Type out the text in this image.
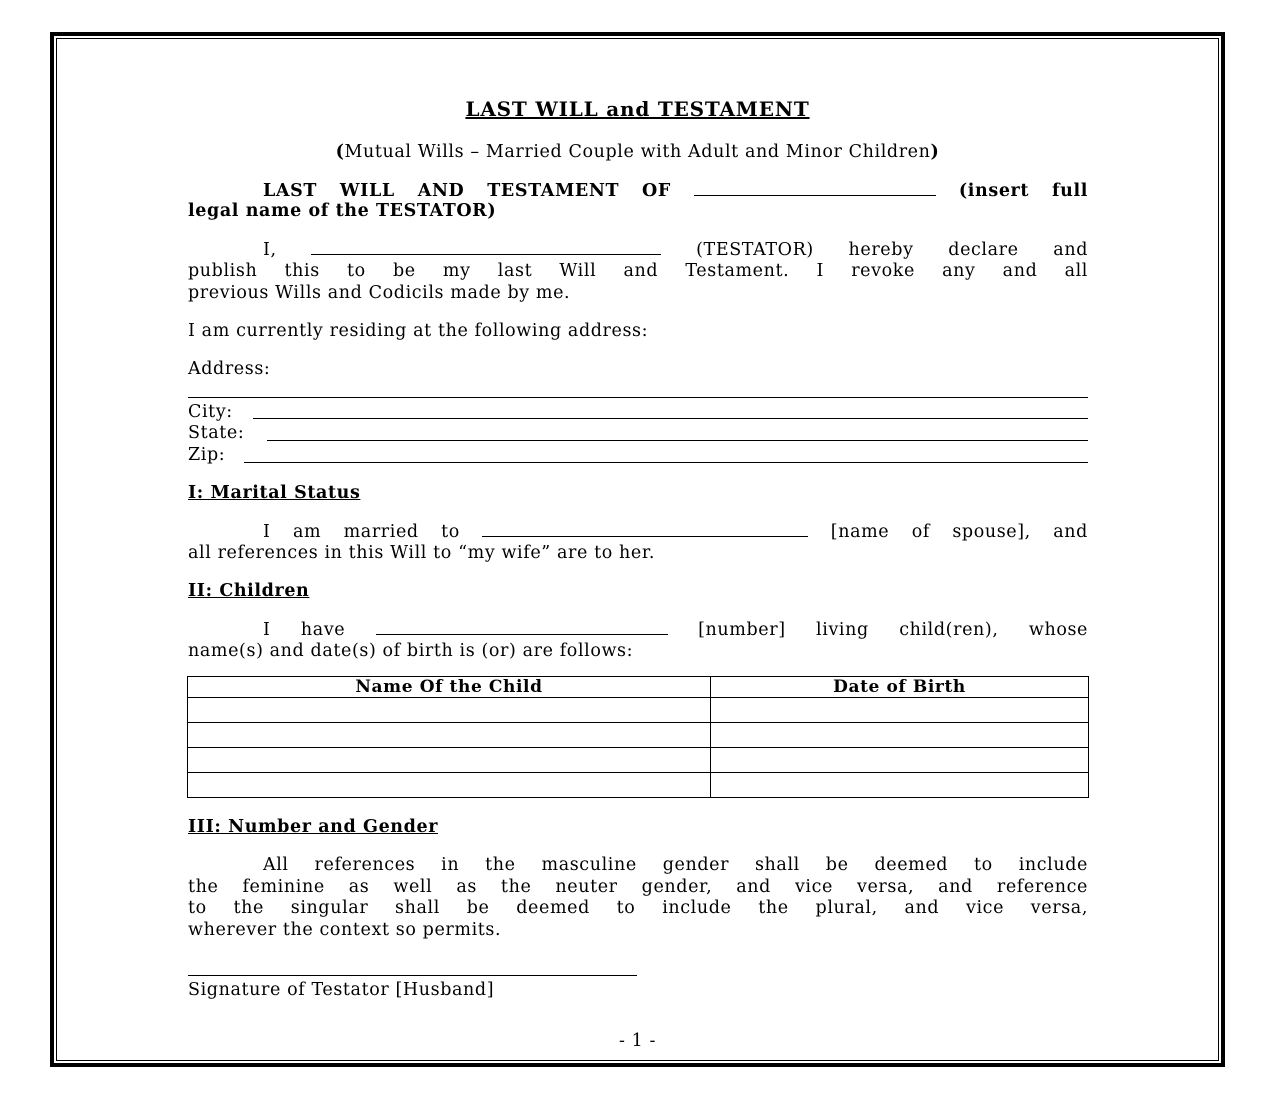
LAST WILL and TESTAMENT
(Mutual Wills – Married Couple with Adult and Minor Children)
LAST WILL AND TESTAMENT OF	(insert full
legal name of the TESTATOR)
I,	(TESTATOR) hereby declare and
publish this to be my last Will and Testament. I revoke any and all
previous Wills and Codicils made by me.
I am currently residing at the following address:
Address:
City:
State:
Zip:
I: Marital Status
I am married to	[name of spouse], and
all references in this Will to “my wife” are to her.
II: Children
I have	[number] living child(ren), whose
name(s) and date(s) of birth is (or) are follows:
Name Of the Child	Date of Birth

III: Number and Gender
All references in the masculine gender shall be deemed to include
the feminine as well as the neuter gender, and vice versa, and reference
to the singular shall be deemed to include the plural, and vice versa,
wherever the context so permits.
Signature of Testator [Husband]
- 1 -
